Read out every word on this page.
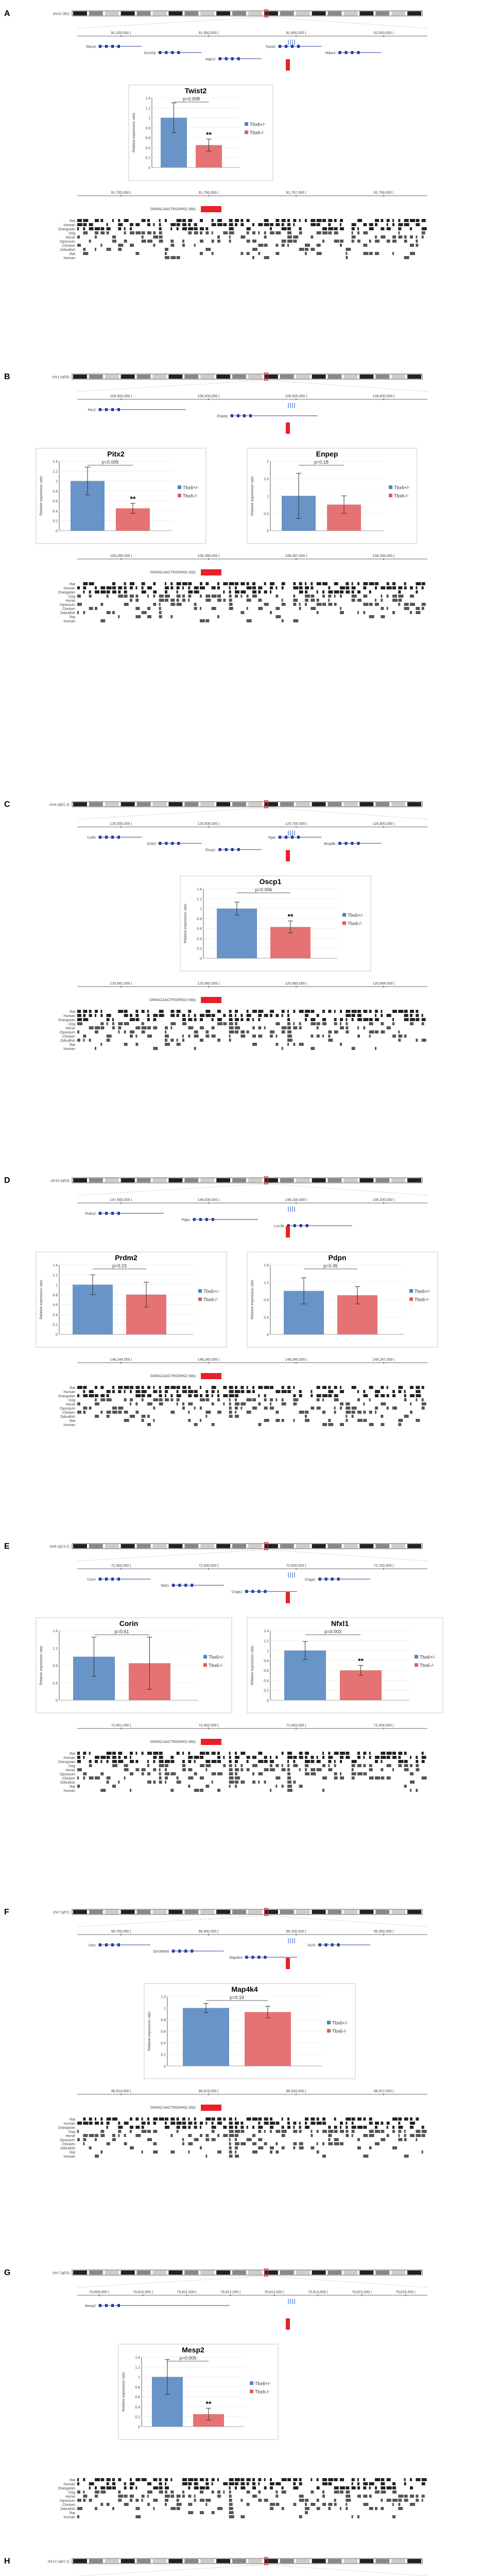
A	chr12 (B2)
91,200,000 |	91,650,000 |	91,800,000 |	92,000,000 |
Rbm4
Gcnt1b
Aqp11
Twist2
Hdac4
Twist2
Relative expression ratio
0
0.2
0.4
0.6
0.8
1
1.2
1.4	p=0.008
**
Tbx6+/-
Tbx6-/-
91,765,000 |	91,766,000 |	91,767,000 |	91,768,000 |
GRRACAACTRGRRG(-3kb)
Rat
Human
Orangutan
Dog
Horse
Opossum
Chicken
Zebrafish
Rat
Human
B	chr1 (qG5)
108,300,000 |	108,400,000 |	108,500,000 |	108,600,000 |
Pitx2
Enpep
Pitx2
Relative expression ratio
0
0.2
0.4
0.6
0.8
1
1.2
1.4	p=0.005
**
Tbx6+/-
Tbx6-/-
Enpep
Relative expression ratio
0
0.5
1
1.5
2	p=0.18
Tbx6+/-
Tbx6-/-
108,285,000 |	108,286,000 |	108,287,000 |	108,288,000 |
GRRACAACTRGRRG(-1kb)
Rat
Human
Orangutan
Dog
Horse
Opossum
Chicken
Zebrafish
Rat
Human
C	chr4 (qD1.3)
120,500,000 |	120,600,000 |	120,700,000 |	120,800,000 |
Csf3r
Grik3
Oscp1
Ppie
Bmp8b
Oscp1
Relative expression ratio
0
0.2
0.4
0.6
0.8
1
1.2
1.4	p=0.006
**	Tbx6+/-
Tbx6-/-
120,681,000 |	120,682,000 |	120,683,000 |	120,684,000 |
GRRACAACTRGRRG(+3kb)
Rat
Human
Orangutan
Dog
Horse
Opossum
Chicken
Zebrafish
Rat
Human
D	chr10 (qD3)
147,900,000 |	148,000,000 |	148,100,000 |	148,200,000 |
Prdm2
Pdpn
Lrrc38
Prdm2
Relative expression ratio
0
0.2
0.4
0.6
0.8
1
1.2
1.4	p=0.23
Tbx6+/-
Tbx6-/-
Pdpn
Relative expression ratio
0
0.4
0.8
1.2
1.6	p=0.45
Tbx6+/-
Tbx6-/-
148,244,000 |	148,245,000 |	148,246,000 |	148,247,000 |
GRRACAACTRGRRG(-5kb)
Rat
Human
Orangutan
Dog
Horse
Opossum
Chicken
Zebrafish
Rat
Human
E	chr5 (qC3.1)
72,400,000 |	72,500,000 |	72,600,000 |	72,700,000 |
Corin
Nfxl1
Cnga1
Cnga1
Corin
Relative expression ratio
0
0.4
0.8
1.2
1.6	p=0.61
Tbx6+/-
Tbx6-/-
Nfxl1
Relative expression ratio
0
0.2
0.4
0.6
0.8
1
1.2
1.4	p=0.003
**	Tbx6+/-
Tbx6-/-
72,401,000 |	72,402,000 |	72,403,000 |	72,404,000 |
GRRACAACTRGRRG(-8kb)
Rat
Human
Orangutan
Dog
Horse
Opossum
Chicken
Zebrafish
Rat
Human
F	chr7 (qF1)
98,700,000 |	98,900,000 |	99,100,000 |	99,300,000 |
Ctsc
Gm38406
Map4k4
Il1rl2
Map4k4
Relative expression ratio
0
0.2
0.4
0.6
0.8
1
1.2	p=0.19
Tbx6+/-
Tbx6-/-
98,914,000 |	98,915,000 |	98,916,000 |	98,917,000 |
GRRACAACTRGRRG(-2kb)
Rat
Human
Orangutan
Dog
Horse
Opossum
Chicken
Zebrafish
Rat
Human
G	chr7 (qD3)
79,809,000 |	79,810,000 |	79,811,000 |	79,812,000 |	79,813,000 |	79,814,000 |	79,815,000 |	79,816,000 |
Mesp2
Mesp2
Relative expression ratio
0
0.2
0.4
0.6
0.8
1
1.2
1.4	p=0.005
**
Tbx6+/-
Tbx6-/-
Rat
Human
Orangutan
Dog
Horse
Opossum
Chicken
Zebrafish
Rat
Human
H	chr12 (qA1.1)
